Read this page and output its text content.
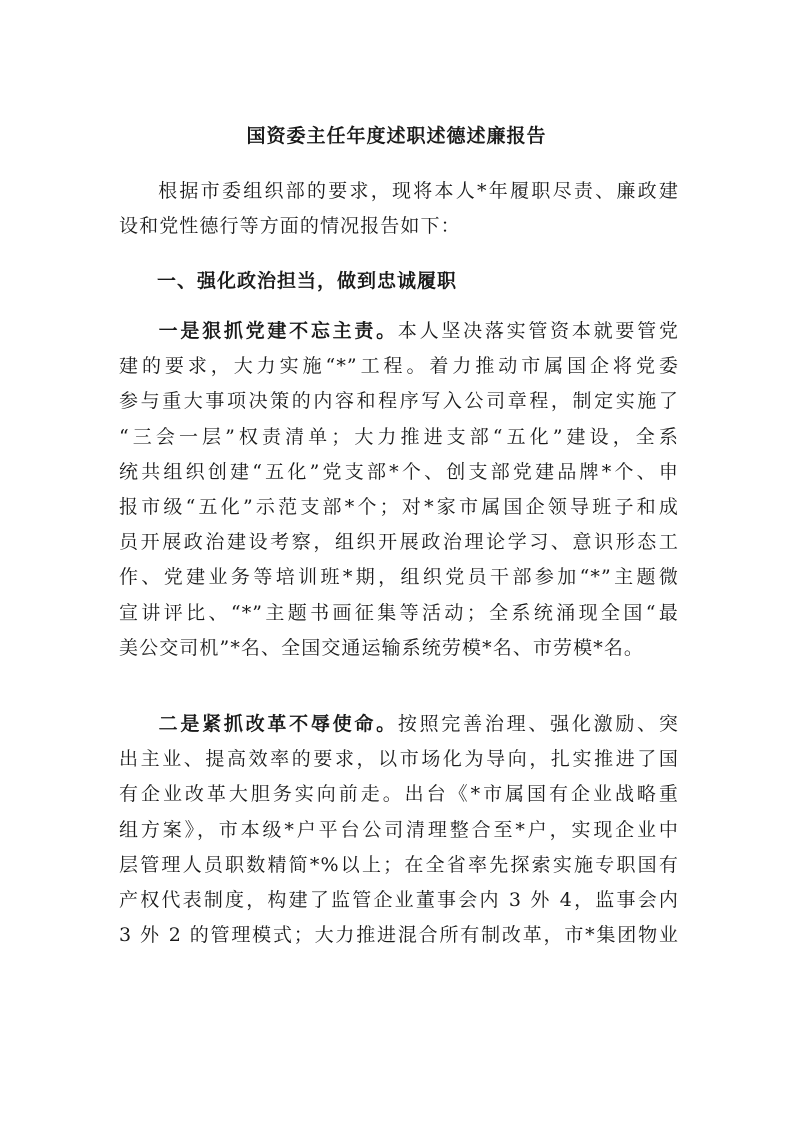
国资委主任年度述职述德述廉报告
根据市委组织部的要求，现将本人*年履职尽责、廉政建
设和党性德行等方面的情况报告如下：
一、强化政治担当，做到忠诚履职
一是狠抓党建不忘主责。本人坚决落实管资本就要管党
建的要求，大力实施“*”工程。着力推动市属国企将党委
参与重大事项决策的内容和程序写入公司章程，制定实施了
“三会一层”权责清单；大力推进支部“五化”建设，全系
统共组织创建“五化”党支部*个、创支部党建品牌*个、申
报市级“五化”示范支部*个；对*家市属国企领导班子和成
员开展政治建设考察，组织开展政治理论学习、意识形态工
作、党建业务等培训班*期，组织党员干部参加“*”主题微
宣讲评比、“*”主题书画征集等活动；全系统涌现全国“最
美公交司机”*名、全国交通运输系统劳模*名、市劳模*名。
二是紧抓改革不辱使命。按照完善治理、强化激励、突
出主业、提高效率的要求，以市场化为导向，扎实推进了国
有企业改革大胆务实向前走。出台《*市属国有企业战略重
组方案》，市本级*户平台公司清理整合至*户，实现企业中
层管理人员职数精简*%以上；在全省率先探索实施专职国有
产权代表制度，构建了监管企业董事会内 3 外 4，监事会内
3 外 2 的管理模式；大力推进混合所有制改革，市*集团物业
